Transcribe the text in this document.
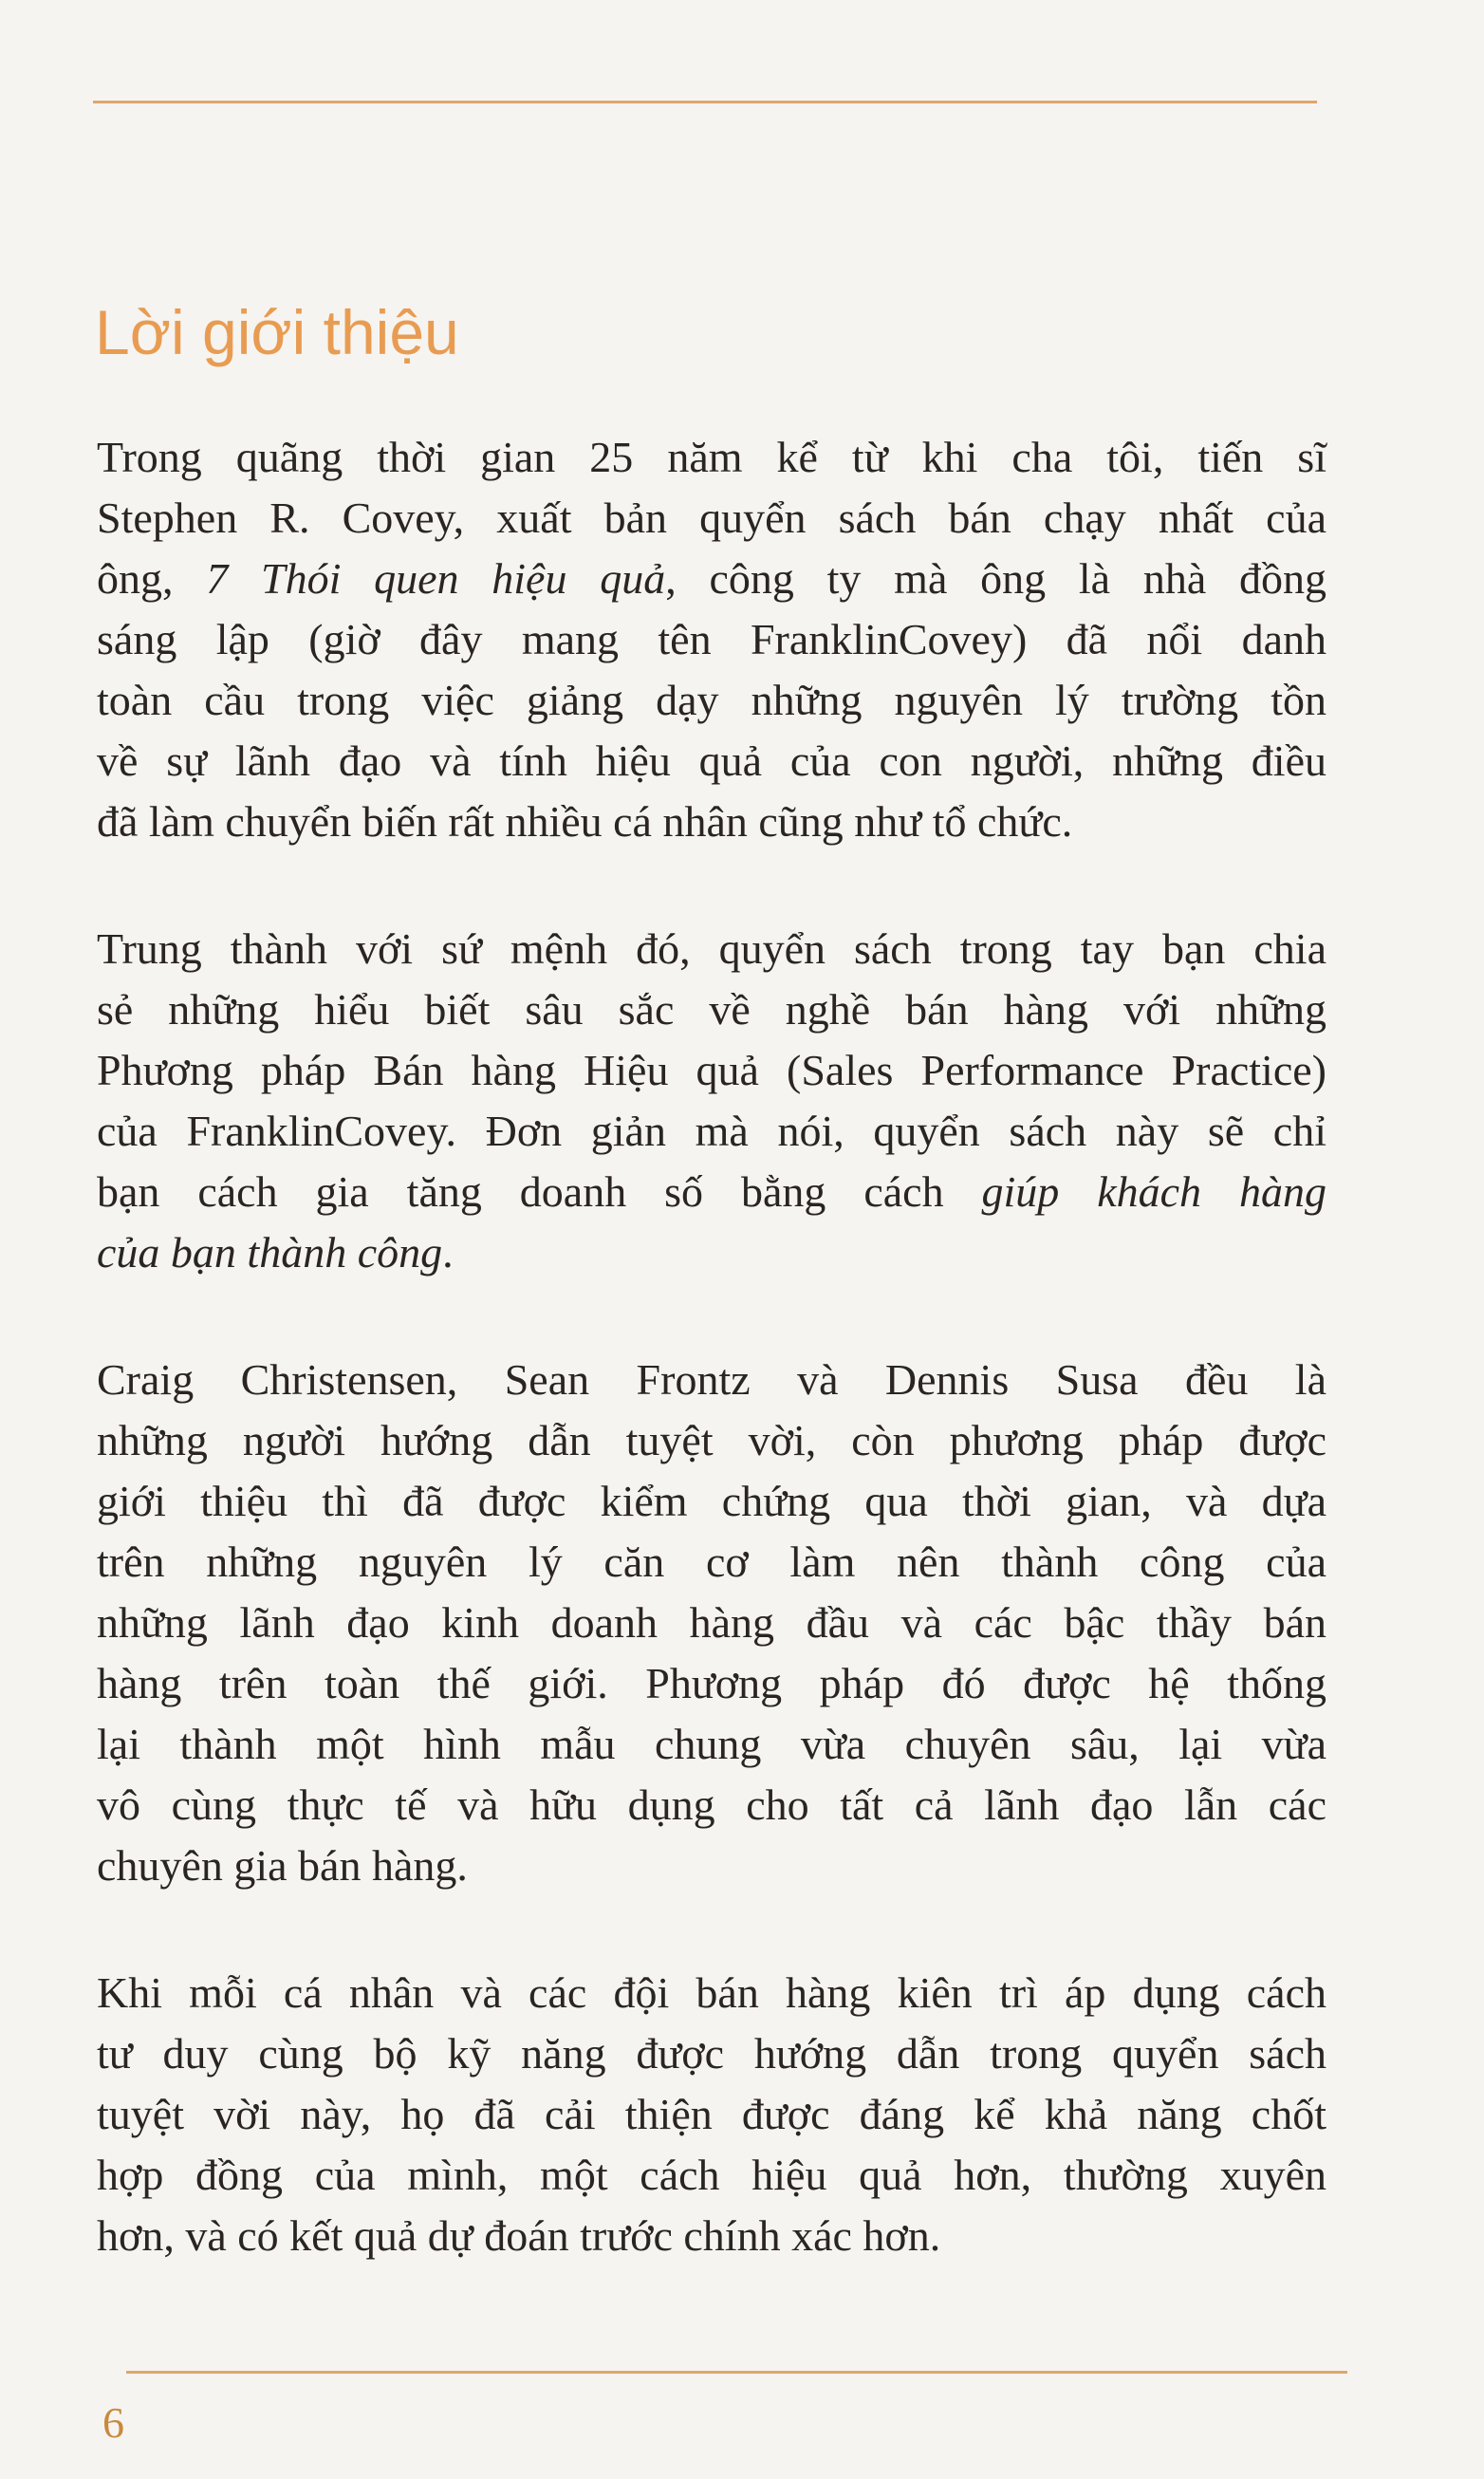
Lời giới thiệu
Trong quãng thời gian 25 năm kể từ khi cha tôi, tiến sĩ
Stephen R. Covey, xuất bản quyển sách bán chạy nhất của
ông, 7 Thói quen hiệu quả, công ty mà ông là nhà đồng
sáng lập (giờ đây mang tên FranklinCovey) đã nổi danh
toàn cầu trong việc giảng dạy những nguyên lý trường tồn
về sự lãnh đạo và tính hiệu quả của con người, những điều
đã làm chuyển biến rất nhiều cá nhân cũng như tổ chức.
Trung thành với sứ mệnh đó, quyển sách trong tay bạn chia
sẻ những hiểu biết sâu sắc về nghề bán hàng với những
Phương pháp Bán hàng Hiệu quả (Sales Performance Practice)
của FranklinCovey. Đơn giản mà nói, quyển sách này sẽ chỉ
bạn cách gia tăng doanh số bằng cách giúp khách hàng
của bạn thành công.
Craig Christensen, Sean Frontz và Dennis Susa đều là
những người hướng dẫn tuyệt vời, còn phương pháp được
giới thiệu thì đã được kiểm chứng qua thời gian, và dựa
trên những nguyên lý căn cơ làm nên thành công của
những lãnh đạo kinh doanh hàng đầu và các bậc thầy bán
hàng trên toàn thế giới. Phương pháp đó được hệ thống
lại thành một hình mẫu chung vừa chuyên sâu, lại vừa
vô cùng thực tế và hữu dụng cho tất cả lãnh đạo lẫn các
chuyên gia bán hàng.
Khi mỗi cá nhân và các đội bán hàng kiên trì áp dụng cách
tư duy cùng bộ kỹ năng được hướng dẫn trong quyển sách
tuyệt vời này, họ đã cải thiện được đáng kể khả năng chốt
hợp đồng của mình, một cách hiệu quả hơn, thường xuyên
hơn, và có kết quả dự đoán trước chính xác hơn.
6
